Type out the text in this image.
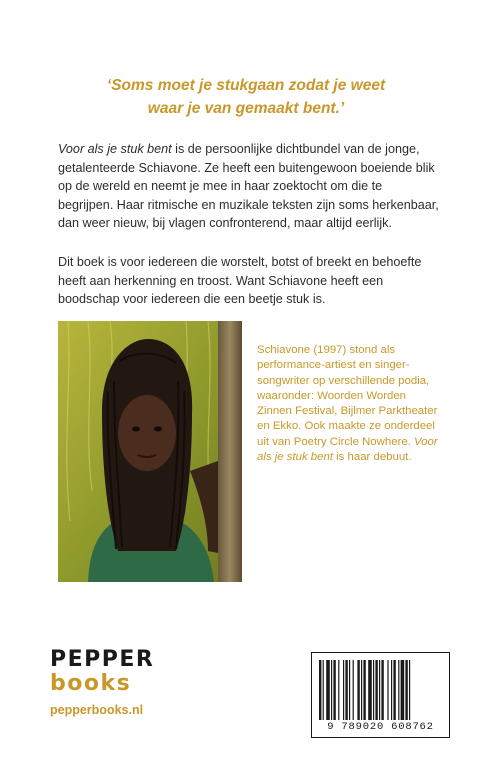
‘Soms moet je stukgaan zodat je weet
waar je van gemaakt bent.’
Voor als je stuk bent is de persoonlijke dichtbundel van de jonge, getalenteerde Schiavone. Ze heeft een buitengewoon boeiende blik op de wereld en neemt je mee in haar zoektocht om die te begrijpen. Haar ritmische en muzikale teksten zijn soms herkenbaar, dan weer nieuw, bij vlagen confronterend, maar altijd eerlijk.
Dit boek is voor iedereen die worstelt, botst of breekt en behoefte heeft aan herkenning en troost. Want Schiavone heeft een boodschap voor iedereen die een beetje stuk is.
Schiavone (1997) stond als performance-artiest en singer-songwriter op verschillende podia, waaronder: Woorden Worden Zinnen Festival, Bijlmer Parktheater en Ekko. Ook maakte ze onderdeel uit van Poetry Circle Nowhere. Voor als je stuk bent is haar debuut.
PEPPER
books
pepperbooks.nl
9 789020 608762
